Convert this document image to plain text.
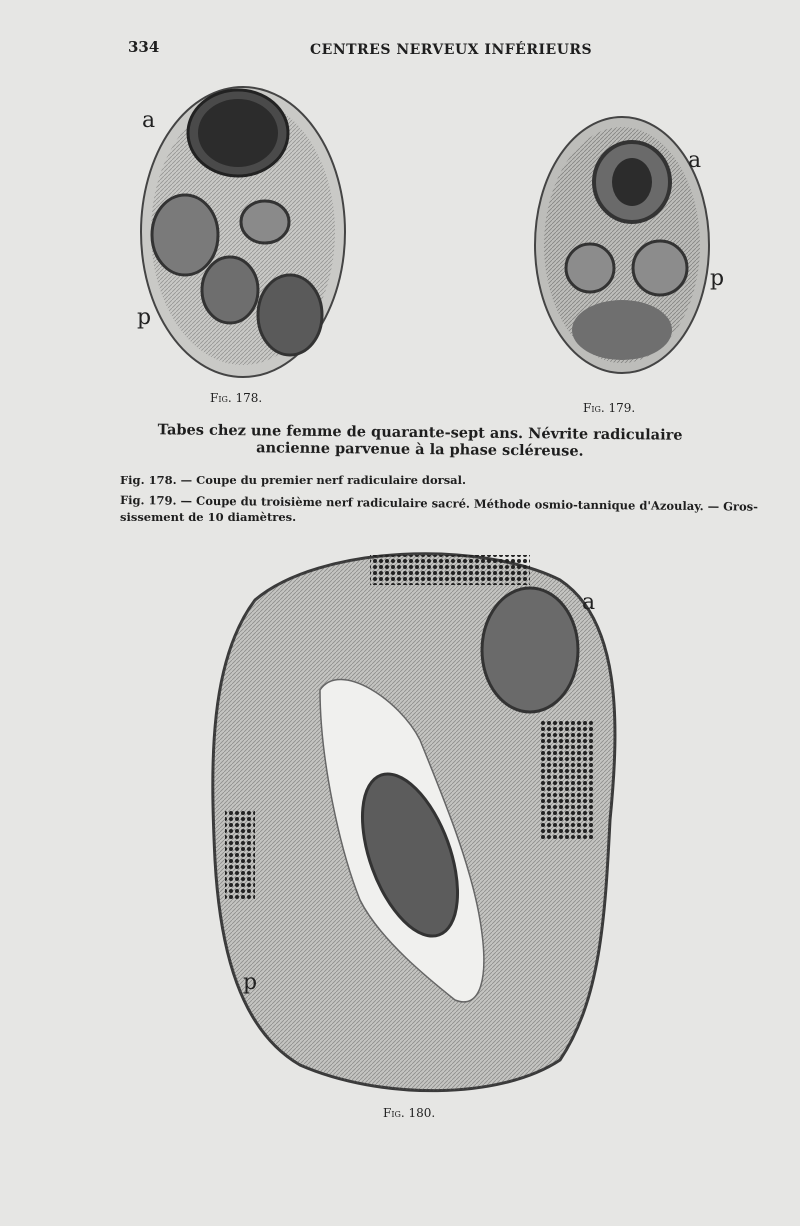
334	CENTRES NERVEUX INFÉRIEURS
a
p
Fig. 178.
a
p
Fig. 179.
Tabes chez une femme de quarante-sept ans. Névrite radiculaire ancienne parvenue à la phase scléreuse.
Fig. 178. — Coupe du premier nerf radiculaire dorsal.
Fig. 179. — Coupe du troisième nerf radiculaire sacré. Méthode osmio-tannique d'Azoulay. — Gros-
sissement de 10 diamètres.
a
p
Fig. 180.
